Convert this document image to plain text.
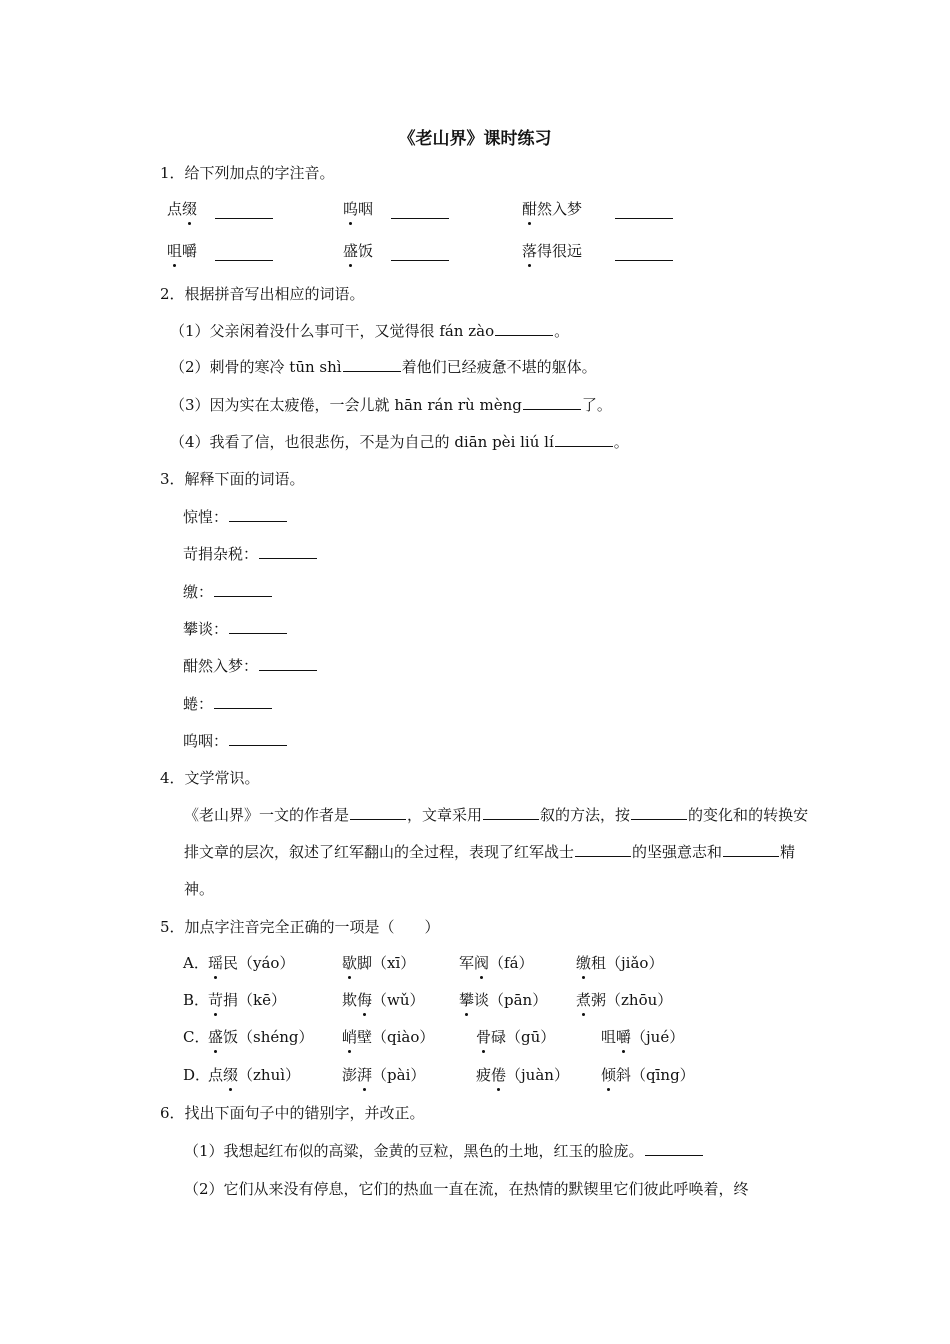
《老山界》课时练习
1．给下列加点的字注音。
点缀	呜咽	酣然入梦
咀嚼	盛饭	落得很远
2．根据拼音写出相应的词语。
（1）父亲闲着没什么事可干，又觉得很 fán zào	。
（2）刺骨的寒冷 tūn shì	着他们已经疲惫不堪的躯体。
（3）因为实在太疲倦，一会儿就 hān rán rù mèng	了。
（4）我看了信，也很悲伤，不是为自己的 diān pèi liú lí	。
3．解释下面的词语。
惊惶：
苛捐杂税：
缴：
攀谈：
酣然入梦：
蜷：
呜咽：
4．文学常识。
《老山界》一文的作者是	，文章采用	叙的方法，按	的变化和的转换安排文章的层次，叙述了红军翻山的全过程，表现了红军战士	的坚强意志和	精神。
5．加点字注音完全正确的一项是（　　）
A． 瑶民（yáo）	歇脚（xī）	军阀（fá）	缴租（jiǎo）
B．
苛捐（kē）	欺侮（wǔ） 攀谈（pān） 煮粥（zhōu）
C．
盛饭（shéng） 峭壁（qiào）	骨碌（gū）	咀嚼（jué）
D．
点缀（zhuì）	澎湃（pài）	疲倦（juàn） 倾斜（qīng）
6．找出下面句子中的错别字，并改正。
（1）我想起红布似的高粱，金黄的豆粒，黑色的土地，红玉的脸庞。
（2）它们从来没有停息，它们的热血一直在流，在热情的默锲里它们彼此呼唤着，终
